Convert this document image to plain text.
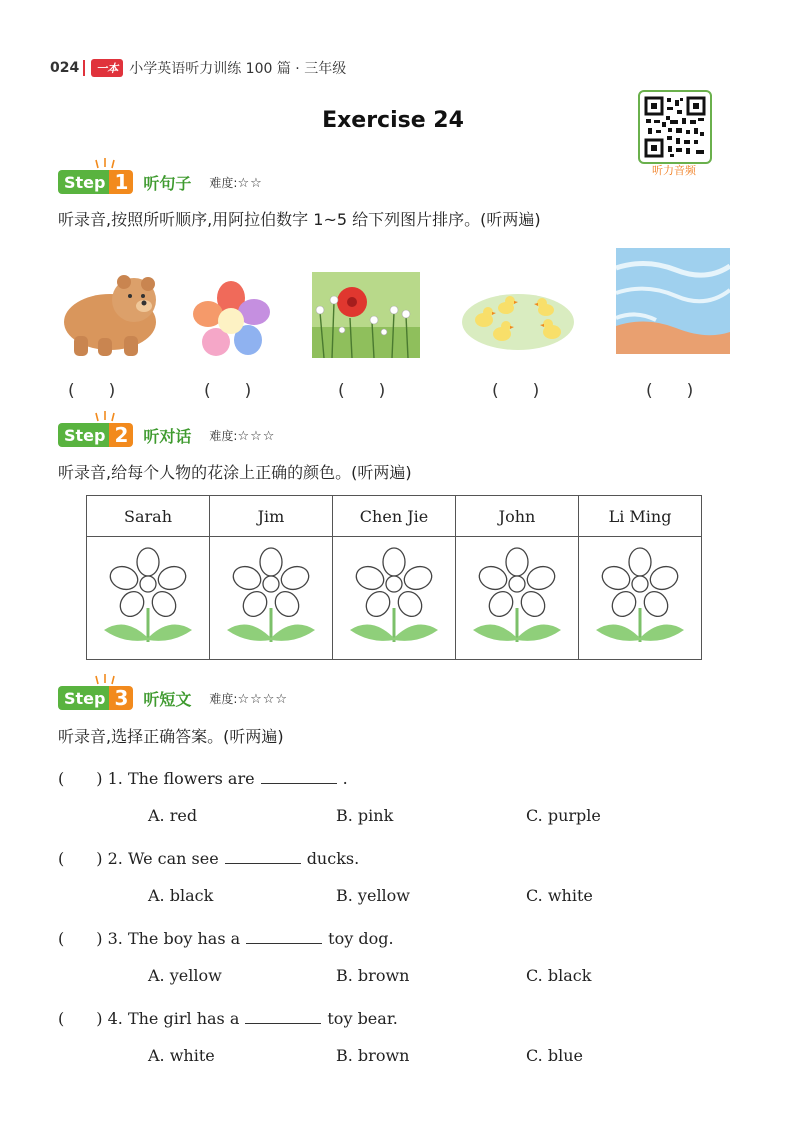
024	一本 小学英语听力训练 100 篇 · 三年级
Exercise 24
听力音频
Step 1 听句子 难度:☆☆
听录音,按照所听顺序,用阿拉伯数字 1~5 给下列图片排序。(听两遍)
(　　)	(　　)	(　　)	(　　)	(　　)
Step 2 听对话 难度:☆☆☆
听录音,给每个人物的花涂上正确的颜色。(听两遍)
Sarah	Jim	Chen Jie	John	Li Ming

Step 3 听短文 难度:☆☆☆☆
听录音,选择正确答案。(听两遍)
(　　) 1. The flowers are	.
A. red	B. pink	C. purple
(　　) 2. We can see	ducks.
A. black	B. yellow	C. white
(　　) 3. The boy has a	toy dog.
A. yellow	B. brown	C. black
(　　) 4. The girl has a	toy bear.
A. white	B. brown	C. blue
